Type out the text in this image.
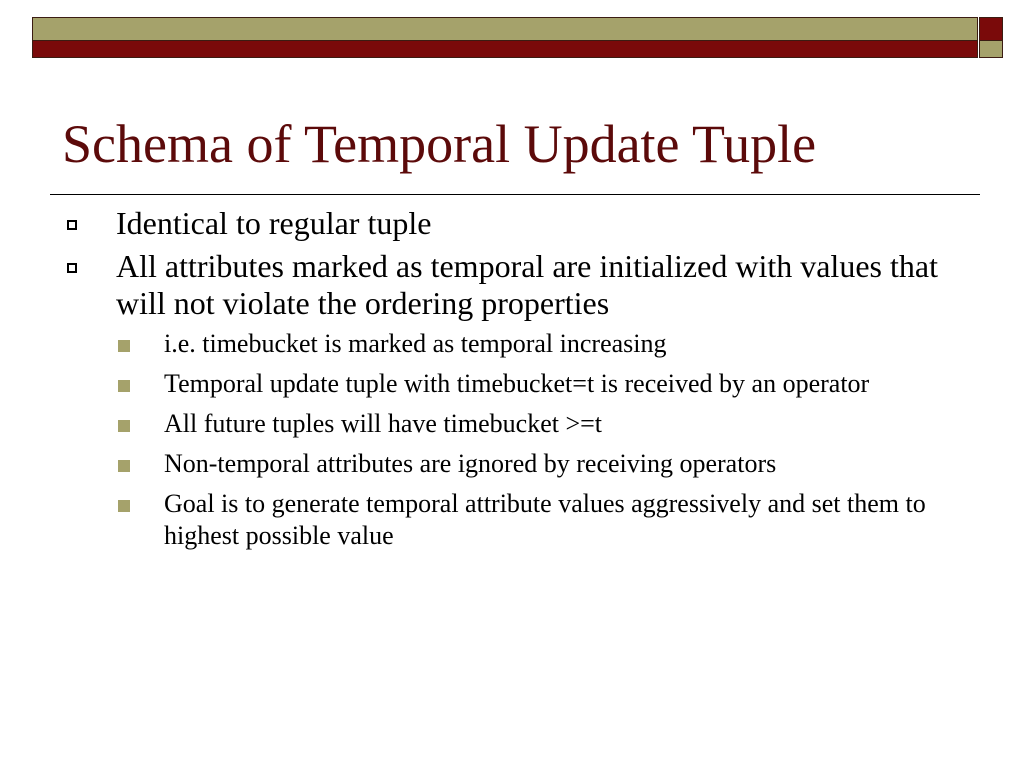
Schema of Temporal Update Tuple
Identical to regular tuple
All attributes marked as temporal are initialized with values that will not violate the ordering properties
i.e. timebucket is marked as temporal increasing
Temporal update tuple with timebucket=t is received by an operator
All future tuples will have timebucket >=t
Non-temporal attributes are ignored by receiving operators
Goal is to generate temporal attribute values aggressively and set them to highest possible value
